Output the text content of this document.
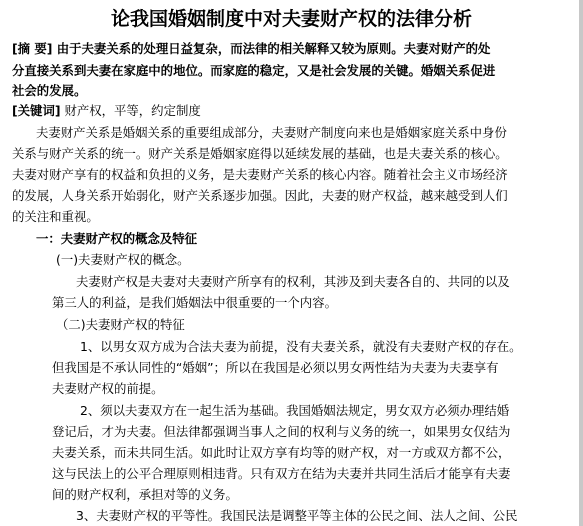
论我国婚姻制度中对夫妻财产权的法律分析
[摘 要] 由于夫妻关系的处理日益复杂，而法律的相关解释又较为原则。夫妻对财产的处
分直接关系到夫妻在家庭中的地位。而家庭的稳定，又是社会发展的关键。婚姻关系促进
社会的发展。
[关键词] 财产权，平等，约定制度
夫妻财产关系是婚姻关系的重要组成部分，夫妻财产制度向来也是婚姻家庭关系中身份
关系与财产关系的统一。财产关系是婚姻家庭得以延续发展的基础，也是夫妻关系的核心。
夫妻对财产享有的权益和负担的义务，是夫妻财产关系的核心内容。随着社会主义市场经济
的发展，人身关系开始弱化，财产关系逐步加强。因此，夫妻的财产权益，越来越受到人们
的关注和重视。
一：夫妻财产权的概念及特征
(一)夫妻财产权的概念。
夫妻财产权是夫妻对夫妻财产所享有的权利，其涉及到夫妻各自的、共同的以及
第三人的利益，是我们婚姻法中很重要的一个内容。
（二)夫妻财产权的特征
1、以男女双方成为合法夫妻为前提，没有夫妻关系，就没有夫妻财产权的存在。
但我国是不承认同性的“婚姻”；所以在我国是必须以男女两性结为夫妻为夫妻享有
夫妻财产权的前提。
2、须以夫妻双方在一起生活为基础。我国婚姻法规定，男女双方必须办理结婚
登记后，才为夫妻。但法律都强调当事人之间的权利与义务的统一，如果男女仅结为
夫妻关系，而未共同生活。如此时让双方享有均等的财产权，对一方或双方都不公，
这与民法上的公平合理原则相违背。只有双方在结为夫妻并共同生活后才能享有夫妻
间的财产权利，承担对等的义务。
3、夫妻财产权的平等性。我国民法是调整平等主体的公民之间、法人之间、公民
